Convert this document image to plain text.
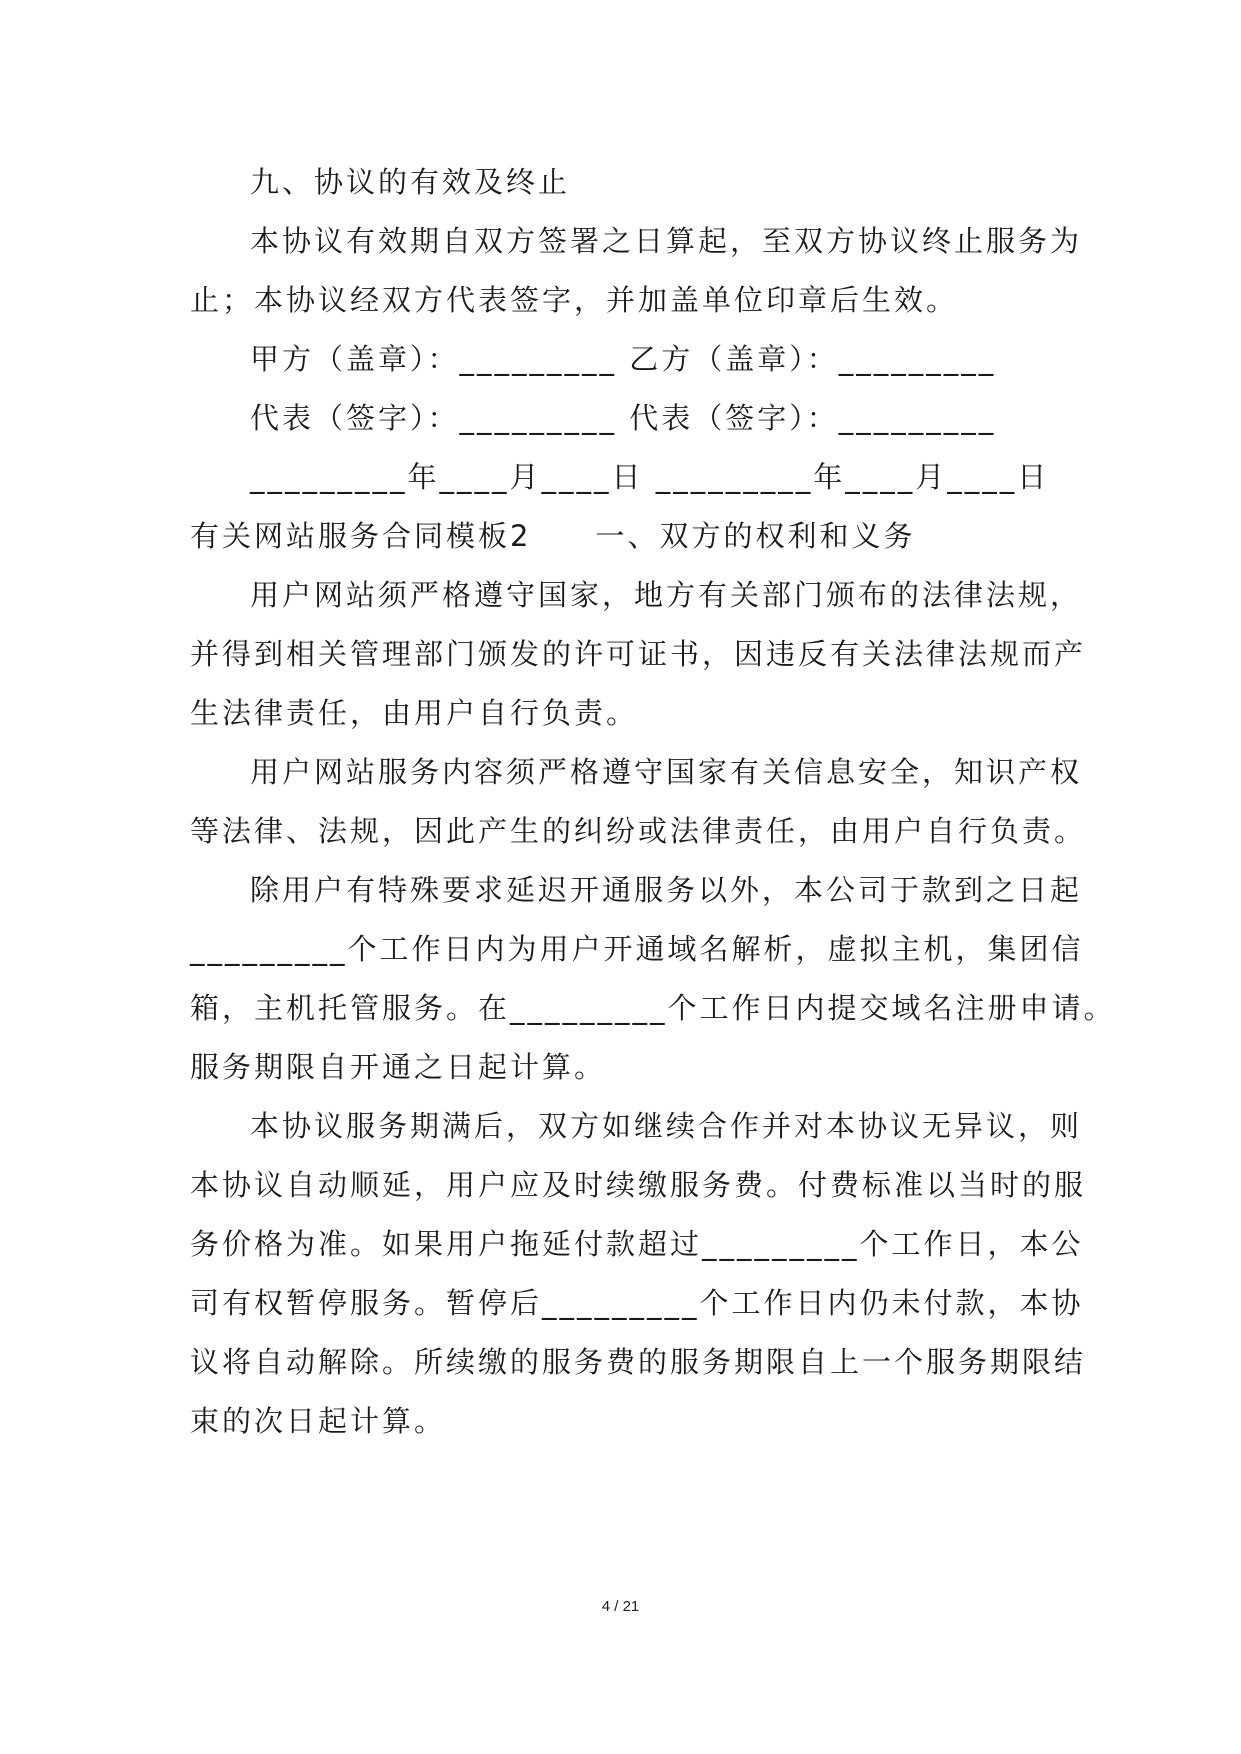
九、协议的有效及终止
本协议有效期自双方签署之日算起，至双方协议终止服务为
止；本协议经双方代表签字，并加盖单位印章后生效。
甲方（盖章）：_________ 乙方（盖章）：_________
代表（签字）：_________ 代表（签字）：_________
_________年____月____日 _________年____月____日
有关网站服务合同模板2　　一、双方的权利和义务
用户网站须严格遵守国家，地方有关部门颁布的法律法规，
并得到相关管理部门颁发的许可证书，因违反有关法律法规而产
生法律责任，由用户自行负责。
用户网站服务内容须严格遵守国家有关信息安全，知识产权
等法律、法规，因此产生的纠纷或法律责任，由用户自行负责。
除用户有特殊要求延迟开通服务以外，本公司于款到之日起
_________个工作日内为用户开通域名解析，虚拟主机，集团信
箱，主机托管服务。在_________个工作日内提交域名注册申请。
服务期限自开通之日起计算。
本协议服务期满后，双方如继续合作并对本协议无异议，则
本协议自动顺延，用户应及时续缴服务费。付费标准以当时的服
务价格为准。如果用户拖延付款超过_________个工作日，本公
司有权暂停服务。暂停后_________个工作日内仍未付款，本协
议将自动解除。所续缴的服务费的服务期限自上一个服务期限结
束的次日起计算。
4 / 21
